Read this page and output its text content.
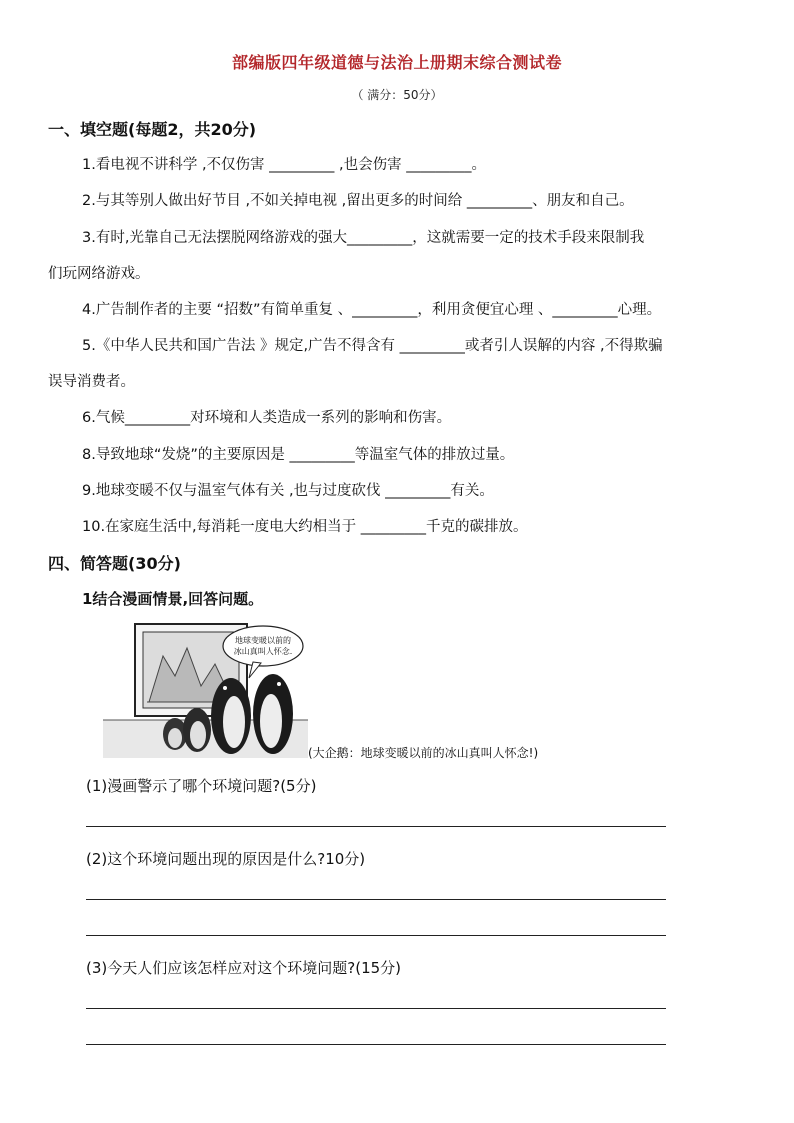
部编版四年级道德与法治上册期末综合测试卷
（ 满分：50分）
一、填空题(每题2，共20分)
1.看电视不讲科学 ,不仅伤害 _________ ,也会伤害 _________。
2.与其等别人做出好节目 ,不如关掉电视 ,留出更多的时间给 _________、朋友和自己。
3.有时,光靠自己无法摆脱网络游戏的强大_________，这就需要一定的技术手段来限制我
们玩网络游戏。
4.广告制作者的主要 “招数”有简单重复 、_________，利用贪便宜心理 、_________心理。
5.《中华人民共和国广告法 》规定,广告不得含有 _________或者引人误解的内容 ,不得欺骗
误导消费者。
6.气候_________对环境和人类造成一系列的影响和伤害。
8.导致地球“发烧”的主要原因是 _________等温室气体的排放过量。
9.地球变暖不仅与温室气体有关 ,也与过度砍伐 _________有关。
10.在家庭生活中,每消耗一度电大约相当于 _________千克的碳排放。
四、简答题(30分)
1结合漫画情景,回答问题。
地球变暖以前的
冰山真叫人怀念.
(大企鹅：地球变暖以前的冰山真叫人怀念!)
(1)漫画警示了哪个环境问题?(5分)
(2)这个环境问题出现的原因是什么?10分)
(3)今天人们应该怎样应对这个环境问题?(15分)
